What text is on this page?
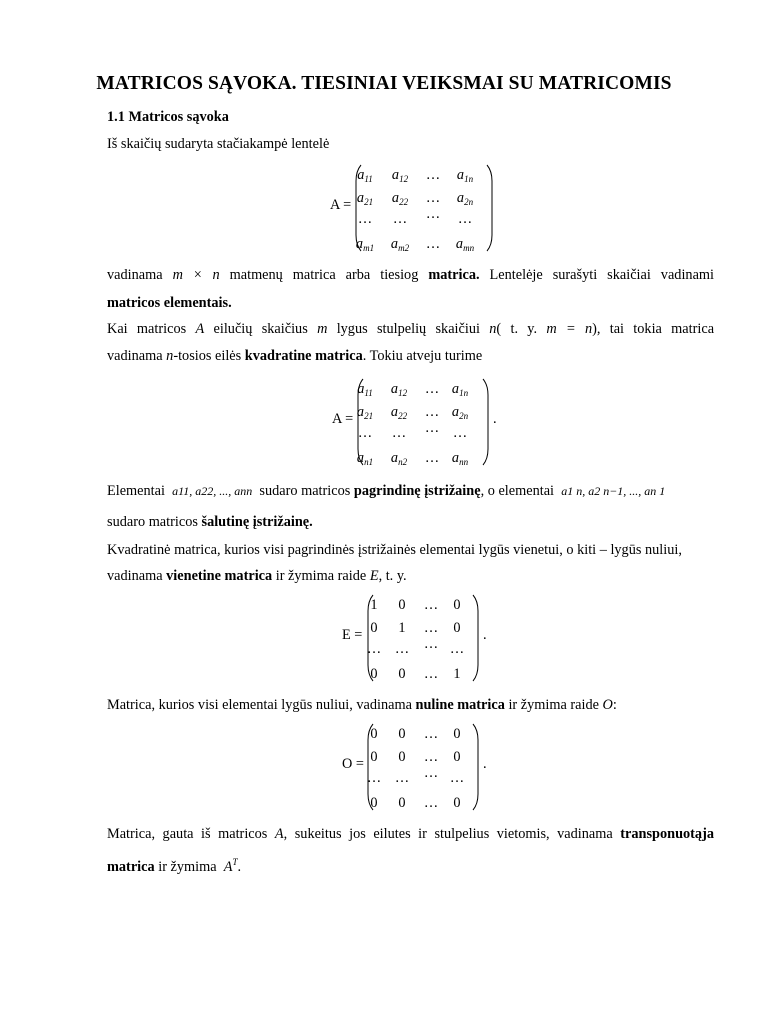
MATRICOS SĄVOKA. TIESINIAI VEIKSMAI SU MATRICOMIS
1.1 Matricos sąvoka
Iš skaičių sudaryta stačiakampė lentelė
A =
$a_{11}$	$a_{12}$	…	$a_{1n}$
$a_{21}$	$a_{22}$	…	$a_{2n}$
…	…	…	…
$a_{m1}$	$a_{m2}$	…	$a_{mn}$
vadinama m × n matmenų matrica arba tiesiog matrica. Lentelėje surašyti skaičiai vadinami
matricos elementais.
Kai matricos A eilučių skaičius m lygus stulpelių skaičiui n( t. y. m = n), tai tokia matrica
vadinama n-tosios eilės kvadratine matrica. Tokiu atveju turime
A =
$a_{11}$	$a_{12}$	… $a_{1n}$
$a_{21}$	$a_{22}$	… $a_{2n}$
…	…	… …
$a_{n1}$	$a_{n2}$	… $a_{nn}$
.
Elementai a11, a22, ..., ann sudaro matricos pagrindinę įstrižainę, o elementai a1 n, a2 n−1, ..., an 1
sudaro matricos šalutinę įstrižainę.
Kvadratinė matrica, kurios visi pagrindinės įstrižainės elementai lygūs vienetui, o kiti – lygūs nuliui,
vadinama vienetine matrica ir žymima raide E, t. y.
E =
1	0	…	0
0	1	…	0
… …	… …
0	0	…	1
.
Matrica, kurios visi elementai lygūs nuliui, vadinama nuline matrica ir žymima raide O:
O =
0	0	…	0
0	0	…	0
… …	… …
0	0	…	0
.
Matrica, gauta iš matricos A, sukeitus jos eilutes ir stulpelius vietomis, vadinama transponuotąja
matrica ir žymima $A^T$.
